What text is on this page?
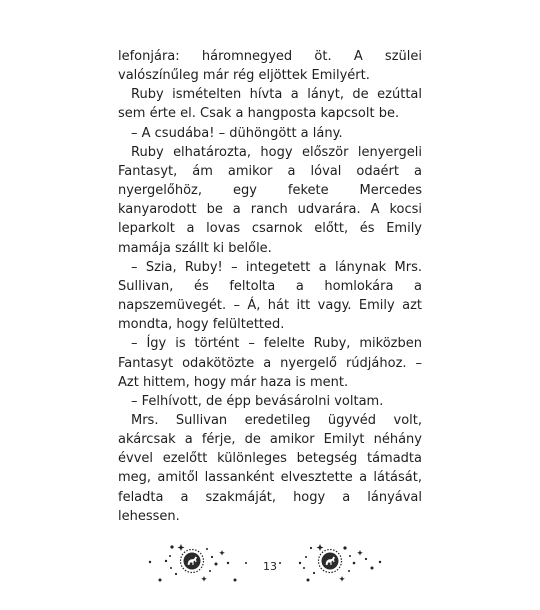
lefonjára: háromnegyed öt. A szülei valószínűleg már rég eljöttek Emilyért.

Ruby ismételten hívta a lányt, de ezúttal sem érte el. Csak a hangposta kapcsolt be.

– A csudába! – dühöngött a lány.

Ruby elhatározta, hogy először lenyergeli Fantasyt, ám amikor a lóval odaért a nyergelőhöz, egy fekete Mercedes kanyarodott be a ranch udvarára. A kocsi leparkolt a lovas csarnok előtt, és Emily mamája szállt ki belőle.

– Szia, Ruby! – integetett a lánynak Mrs. Sullivan, és feltolta a homlokára a napszemüvegét. – Á, hát itt vagy. Emily azt mondta, hogy felültetted.

– Így is történt – felelte Ruby, miközben Fantasyt odakötözte a nyergelő rúdjához. – Azt hittem, hogy már haza is ment.

– Felhívott, de épp bevásárolni voltam.

Mrs. Sullivan eredetileg ügyvéd volt, akárcsak a férje, de amikor Emilyt néhány évvel ezelőtt különleges betegség támadta meg, amitől lassanként elvesztette a látását, feladta a szakmáját, hogy a lányával lehessen.

13
